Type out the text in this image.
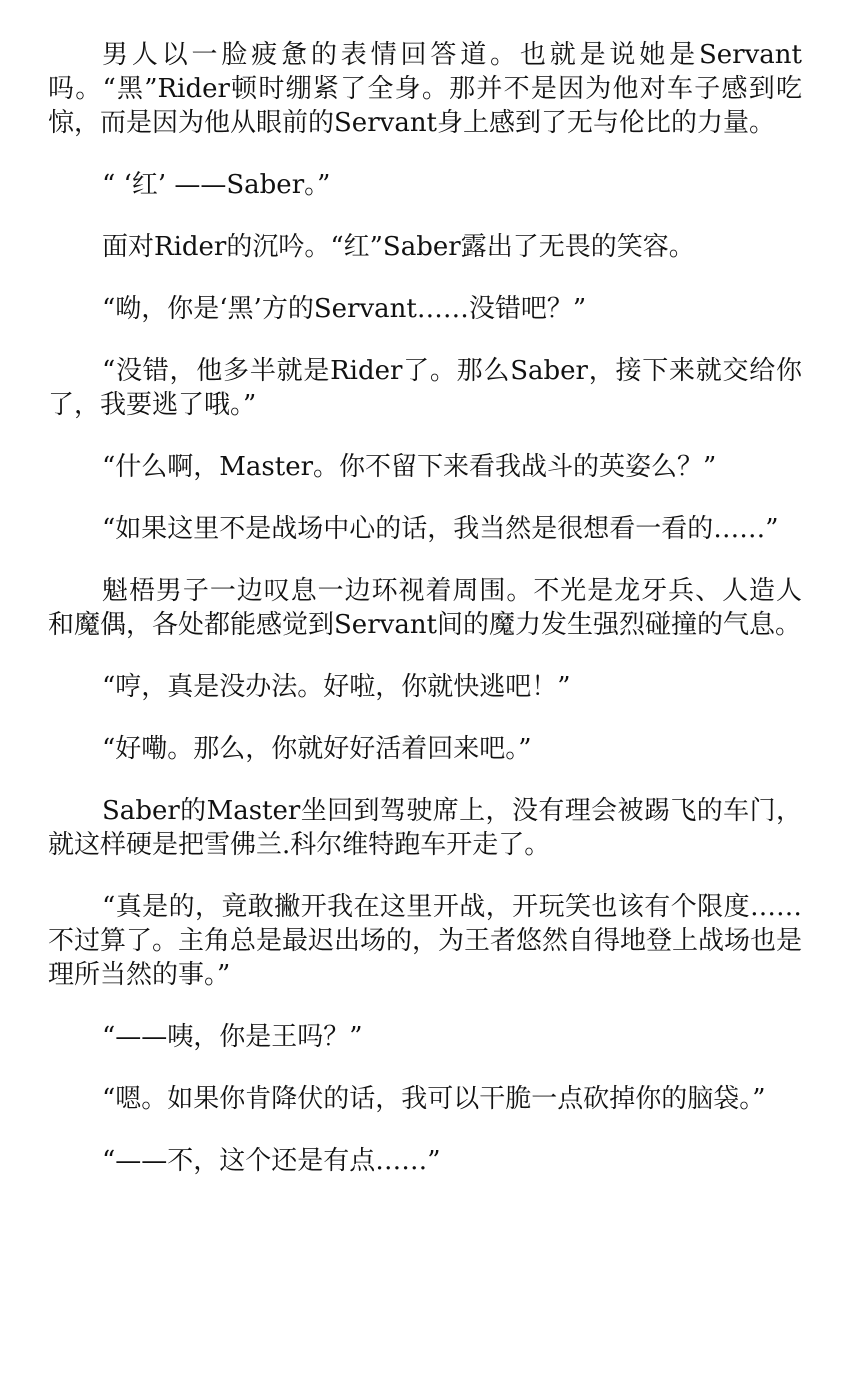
男人以一脸疲惫的表情回答道。也就是说她是Servant吗。“黑”Rider顿时绷紧了全身。那并不是因为他对车子感到吃惊，而是因为他从眼前的Servant身上感到了无与伦比的力量。

“ ‘红’ ——Saber。”

面对Rider的沉吟。“红”Saber露出了无畏的笑容。

“呦，你是‘黑’方的Servant……没错吧？”

“没错，他多半就是Rider了。那么Saber，接下来就交给你了，我要逃了哦。”

“什么啊，Master。你不留下来看我战斗的英姿么？”

“如果这里不是战场中心的话，我当然是很想看一看的……”

魁梧男子一边叹息一边环视着周围。不光是龙牙兵、人造人和魔偶，各处都能感觉到Servant间的魔力发生强烈碰撞的气息。

“哼，真是没办法。好啦，你就快逃吧！”

“好嘞。那么，你就好好活着回来吧。”

Saber的Master坐回到驾驶席上，没有理会被踢飞的车门，就这样硬是把雪佛兰.科尔维特跑车开走了。

“真是的，竟敢撇开我在这里开战，开玩笑也该有个限度……不过算了。主角总是最迟出场的，为王者悠然自得地登上战场也是理所当然的事。”

“——咦，你是王吗？”

“嗯。如果你肯降伏的话，我可以干脆一点砍掉你的脑袋。”

“——不，这个还是有点……”
